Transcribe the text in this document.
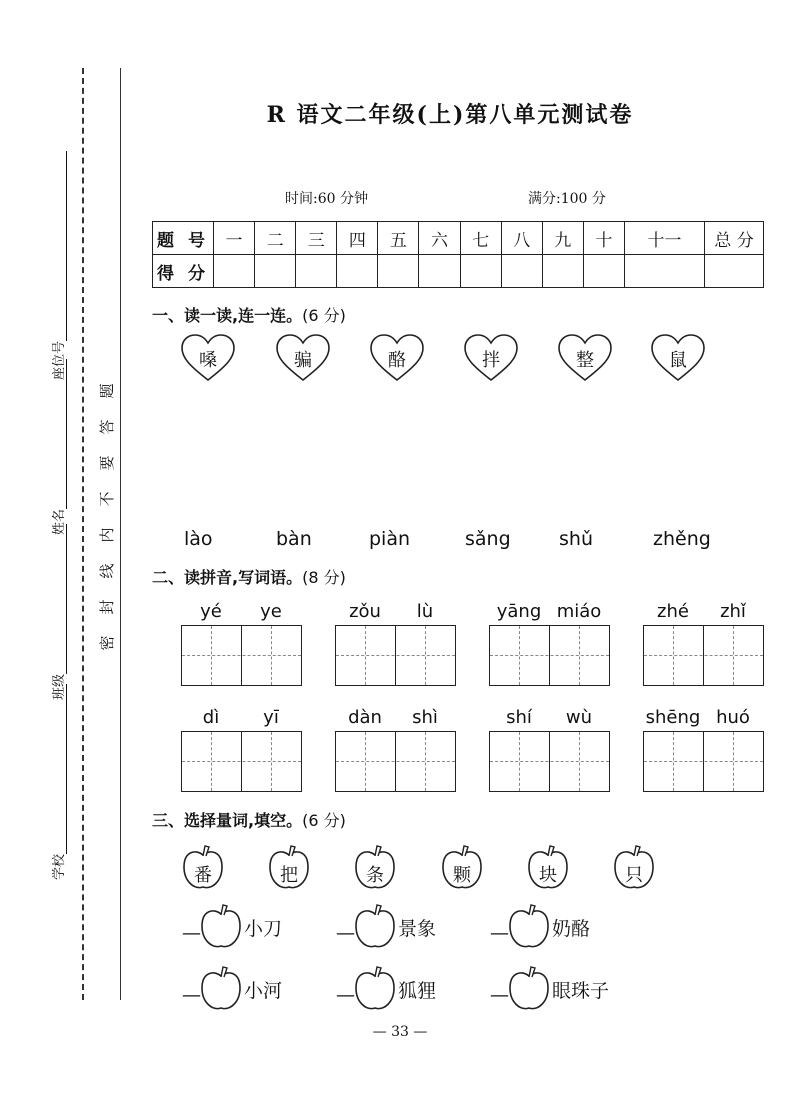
座位号
姓名
班级
学校
题
答
要
不
内
线
封
密
R 语文二年级(上)第八单元测试卷
时间:60 分钟	满分:100 分
题 号	一	二	三	四	五	六	七	八	九	十	十一	总 分
得 分												
一、读一读,连一连。(6 分)
嗓	骗	酪	拌	整	鼠
lào	bàn	piàn	sǎng	shǔ	zhěng
二、读拼音,写词语。(8 分)
yé	ye	zǒu	lù	yāng miáo	zhé	zhǐ
dì	yī	dàn	shì	shí	wù	shēng huó
三、选择量词,填空。(6 分)
番	把	条	颗	块	只
— 小刀	— 景象	— 奶酪
— 小河	— 狐狸	— 眼珠子
— 33 —
